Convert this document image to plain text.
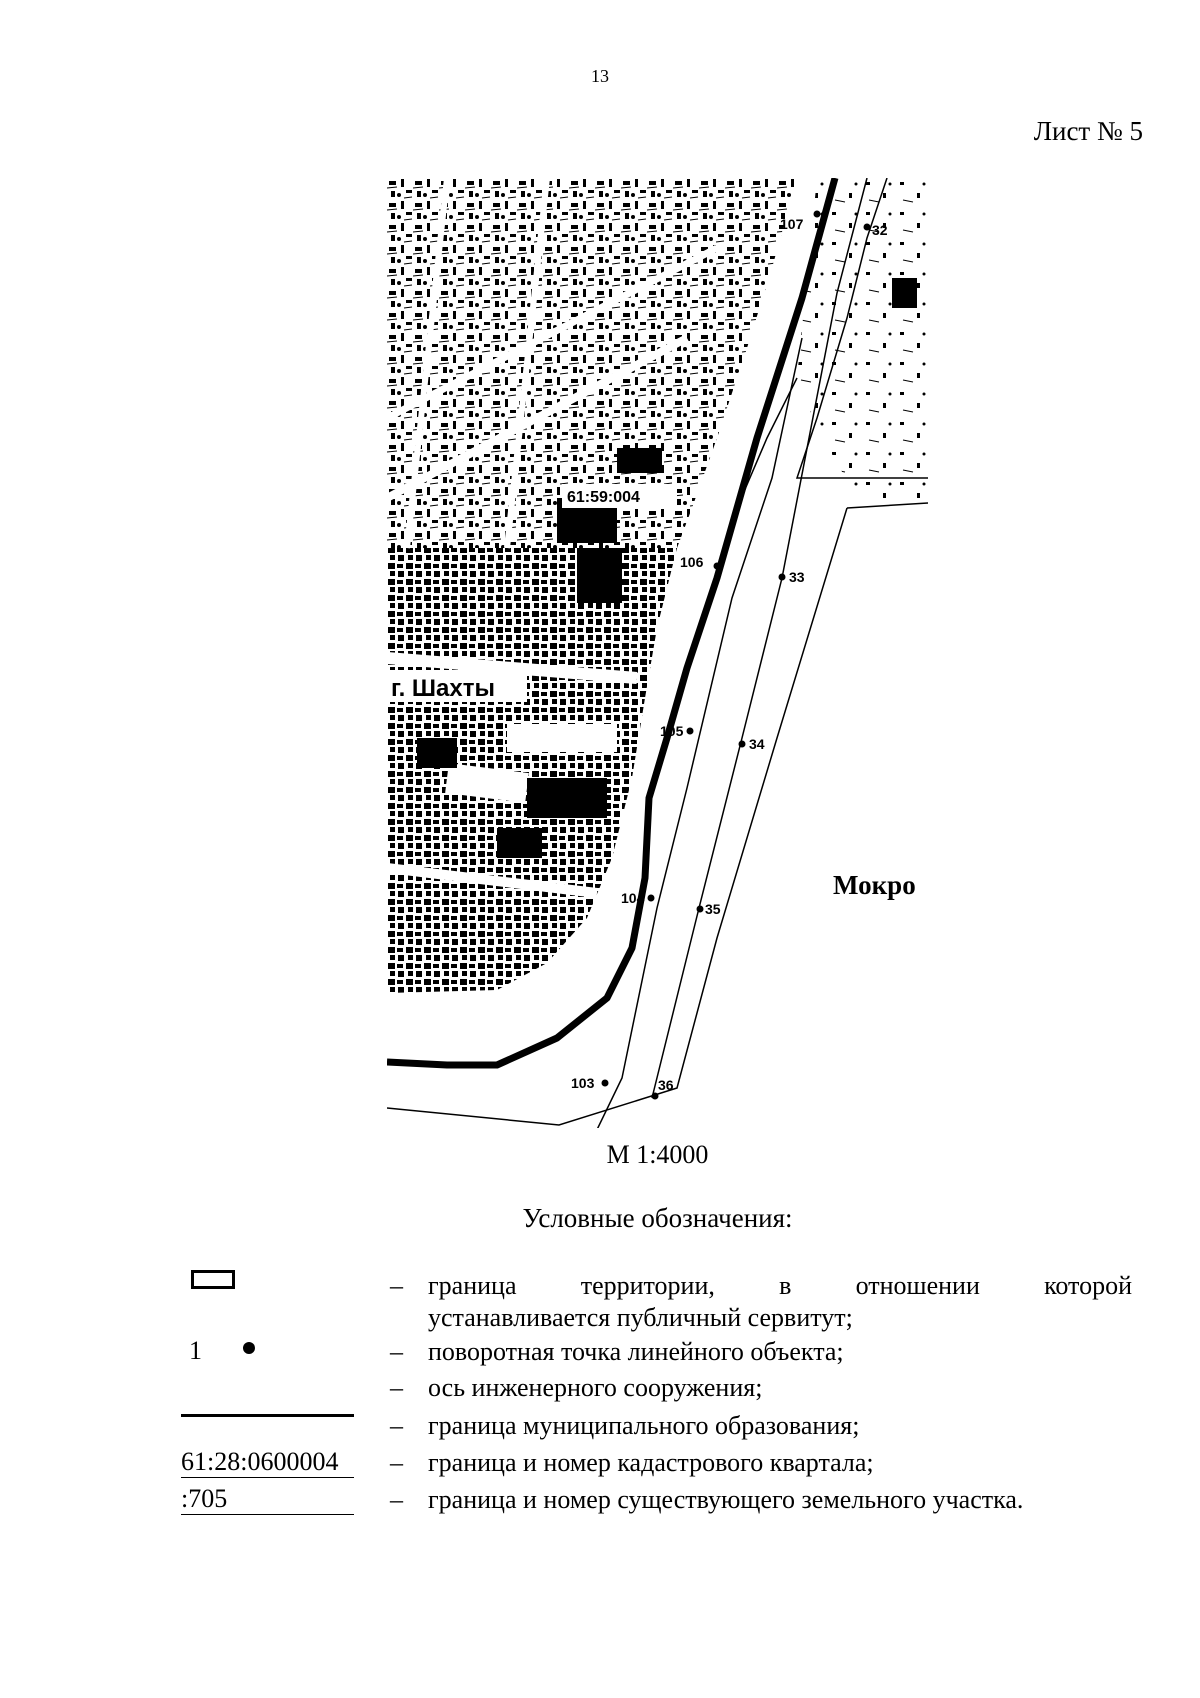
13
Лист № 5
61:59:004
г. Шахты
Мокро
107	32
33
106
105
34
104
35
103	36
М 1:4000
Условные обозначения:
– граница территории, в отношении которой
устанавливается публичный сервитут;
1	– поворотная точка линейного объекта;
– ось инженерного сооружения;
– граница муниципального образования;
61:28:0600004	– граница и номер кадастрового квартала;
:705	– граница и номер существующего земельного участка.
